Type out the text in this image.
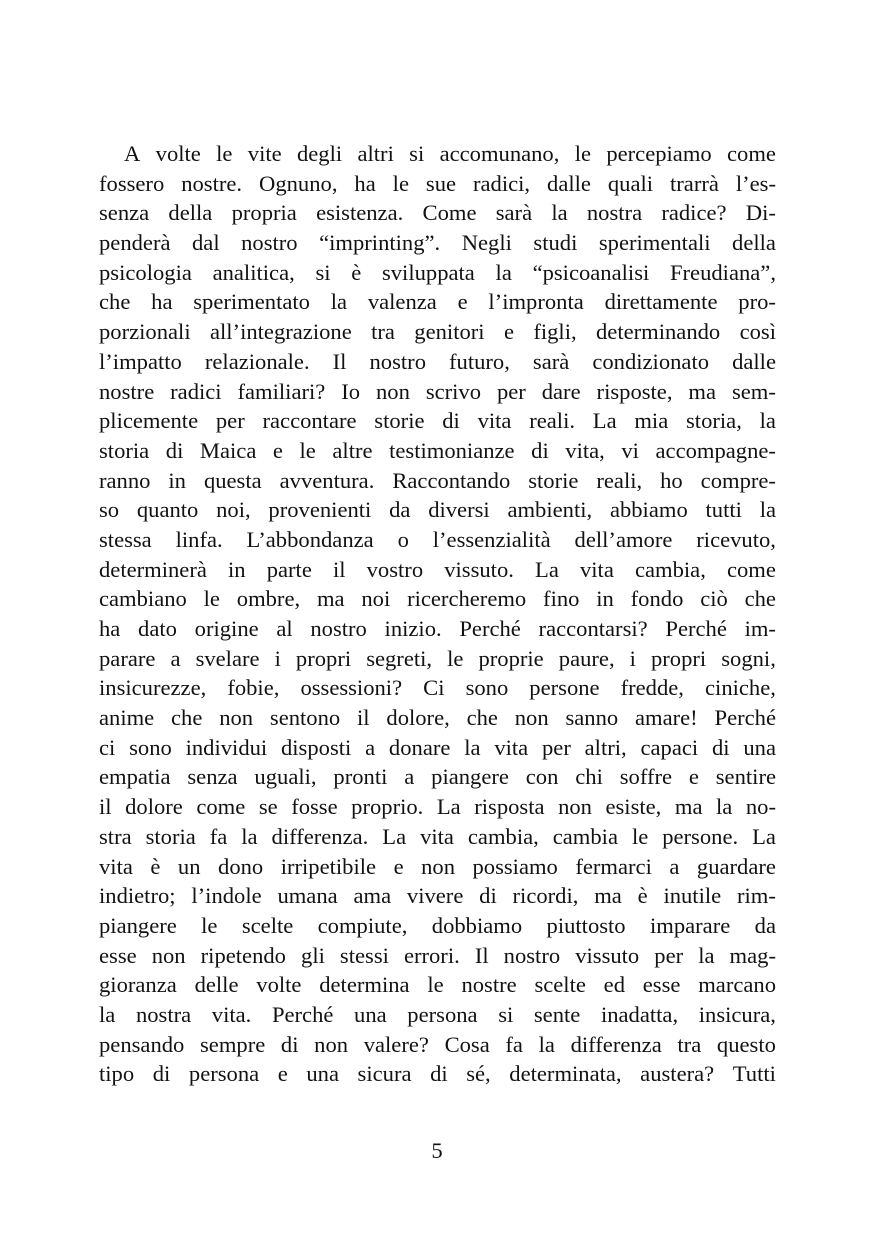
A volte le vite degli altri si accomunano, le percepiamo come
fossero nostre. Ognuno, ha le sue radici, dalle quali trarrà l’es-
senza della propria esistenza. Come sarà la nostra radice? Di-
penderà dal nostro “imprinting”. Negli studi sperimentali della
psicologia analitica, si è sviluppata la “psicoanalisi Freudiana”,
che ha sperimentato la valenza e l’impronta direttamente pro-
porzionali all’integrazione tra genitori e figli, determinando così
l’impatto relazionale. Il nostro futuro, sarà condizionato dalle
nostre radici familiari? Io non scrivo per dare risposte, ma sem-
plicemente per raccontare storie di vita reali. La mia storia, la
storia di Maica e le altre testimonianze di vita, vi accompagne-
ranno in questa avventura. Raccontando storie reali, ho compre-
so quanto noi, provenienti da diversi ambienti, abbiamo tutti la
stessa linfa. L’abbondanza o l’essenzialità dell’amore ricevuto,
determinerà in parte il vostro vissuto. La vita cambia, come
cambiano le ombre, ma noi ricercheremo fino in fondo ciò che
ha dato origine al nostro inizio. Perché raccontarsi? Perché im-
parare a svelare i propri segreti, le proprie paure, i propri sogni,
insicurezze, fobie, ossessioni? Ci sono persone fredde, ciniche,
anime che non sentono il dolore, che non sanno amare! Perché
ci sono individui disposti a donare la vita per altri, capaci di una
empatia senza uguali, pronti a piangere con chi soffre e sentire
il dolore come se fosse proprio. La risposta non esiste, ma la no-
stra storia fa la differenza. La vita cambia, cambia le persone. La
vita è un dono irripetibile e non possiamo fermarci a guardare
indietro; l’indole umana ama vivere di ricordi, ma è inutile rim-
piangere le scelte compiute, dobbiamo piuttosto imparare da
esse non ripetendo gli stessi errori. Il nostro vissuto per la mag-
gioranza delle volte determina le nostre scelte ed esse marcano
la nostra vita. Perché una persona si sente inadatta, insicura,
pensando sempre di non valere? Cosa fa la differenza tra questo
tipo di persona e una sicura di sé, determinata, austera? Tutti
5
